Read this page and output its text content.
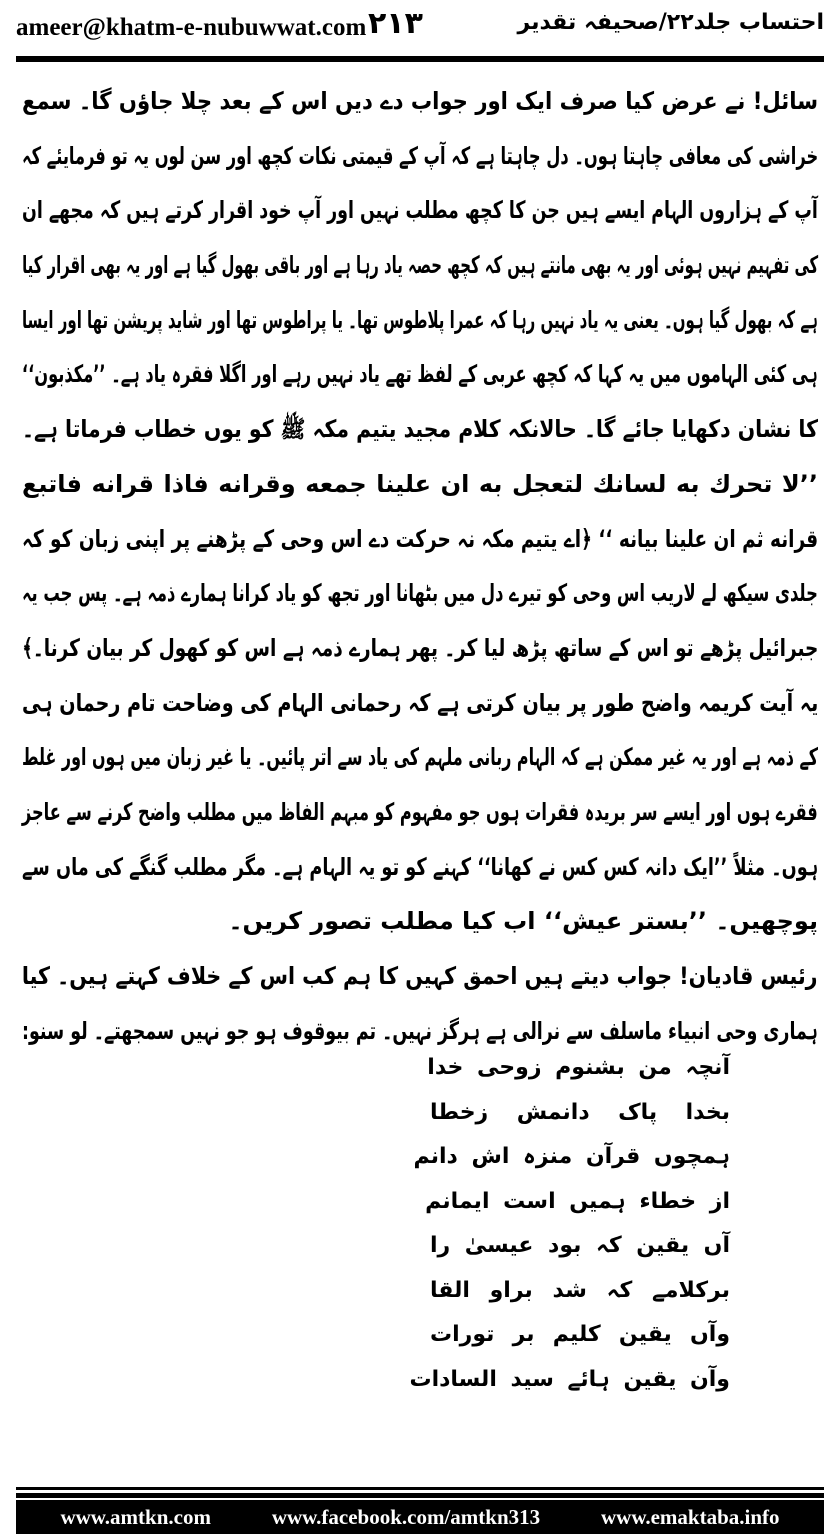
ameer@khatm-e-nubuwwat.com ۲۱۳	احتساب جلد۲۲/صحیفہ تقدیر
سائل! نے عرض کیا صرف ایک اور جواب دے دیں اس کے بعد چلا جاؤں گا۔ سمع
خراشی کی معافی چاہتا ہوں۔ دل چاہتا ہے کہ آپ کے قیمتی نکات کچھ اور سن لوں یہ تو فرمایئے کہ
آپ کے ہزاروں الہام ایسے ہیں جن کا کچھ مطلب نہیں اور آپ خود اقرار کرتے ہیں کہ مجھے ان
کی تفہیم نہیں ہوئی اور یہ بھی مانتے ہیں کہ کچھ حصہ یاد رہا ہے اور باقی بھول گیا ہے اور یہ بھی اقرار کیا
ہے کہ بھول گیا ہوں۔ یعنی یہ یاد نہیں رہا کہ عمرا پلاطوس تھا۔ یا پراطوس تھا اور شاید پریشن تھا اور ایسا
ہی کئی الہاموں میں یہ کہا کہ کچھ عربی کے لفظ تھے یاد نہیں رہے اور اگلا فقرہ یاد ہے۔ ’’مکذبون‘‘
کا نشان دکھایا جائے گا۔ حالانکہ کلام مجید یتیم مکہ ﷺ کو یوں خطاب فرماتا ہے۔
’’لا تحرك به لسانك لتعجل به ان علینا جمعه وقرانه فاذا قرانه فاتبع
قرانه ثم ان علینا بیانه ‘‘ ﴿اے یتیم مکہ نہ حرکت دے اس وحی کے پڑھنے پر اپنی زبان کو کہ
جلدی سیکھ لے لاریب اس وحی کو تیرے دل میں بٹھانا اور تجھ کو یاد کرانا ہمارے ذمہ ہے۔ پس جب یہ
جبرائیل پڑھے تو اس کے ساتھ پڑھ لیا کر۔ پھر ہمارے ذمہ ہے اس کو کھول کر بیان کرنا۔﴾
یہ آیت کریمہ واضح طور پر بیان کرتی ہے کہ رحمانی الہام کی وضاحت تام رحمان ہی
کے ذمہ ہے اور یہ غیر ممکن ہے کہ الہام ربانی ملہم کی یاد سے اتر پائیں۔ یا غیر زبان میں ہوں اور غلط
فقرے ہوں اور ایسے سر بریدہ فقرات ہوں جو مفہوم کو مبہم الفاظ میں مطلب واضح کرنے سے عاجز
ہوں۔ مثلاً ’’ایک دانہ کس کس نے کھانا‘‘ کہنے کو تو یہ الہام ہے۔ مگر مطلب گنگے کی ماں سے
پوچھیں۔ ’’بستر عیش‘‘ اب کیا مطلب تصور کریں۔
رئیس قادیان! جواب دیتے ہیں احمق کہیں کا ہم کب اس کے خلاف کہتے ہیں۔ کیا
ہماری وحی انبیاء ماسلف سے نرالی ہے ہرگز نہیں۔ تم بیوقوف ہو جو نہیں سمجھتے۔ لو سنو:
آنچہ من بشنوم زوحی خدا
بخدا پاک دانمش زخطا
ہمچوں قرآن منزہ اش دانم
از خطاء ہمیں است ایمانم
آں یقین کہ بود عیسیٰ را
برکلامے کہ شد براو القا
وآں یقین کلیم بر تورات
وآن یقین ہائے سید السادات
www.amtkn.com	www.facebook.com/amtkn313	www.emaktaba.info
